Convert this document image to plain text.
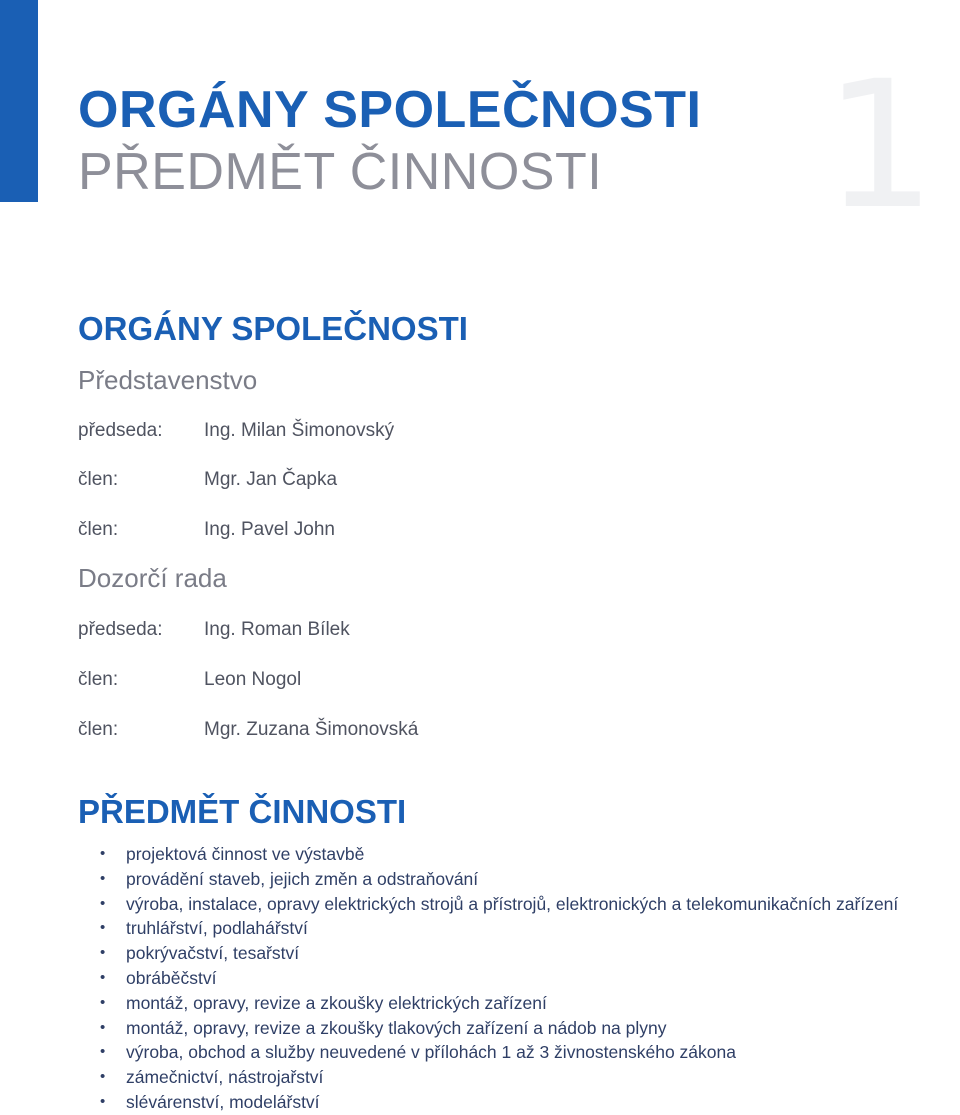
1
ORGÁNY SPOLEČNOSTI
PŘEDMĚT ČINNOSTI
ORGÁNY SPOLEČNOSTI
Představenstvo
předseda: Ing. Milan Šimonovský
člen:	Mgr. Jan Čapka
člen:	Ing. Pavel John
Dozorčí rada
předseda: Ing. Roman Bílek
člen:	Leon Nogol
člen:	Mgr. Zuzana Šimonovská
PŘEDMĚT ČINNOSTI
• projektová činnost ve výstavbě
• provádění staveb, jejich změn a odstraňování
• výroba, instalace, opravy elektrických strojů a přístrojů, elektronických a telekomunikačních zařízení
• truhlářství, podlahářství
• pokrývačství, tesařství
• obráběčství
• montáž, opravy, revize a zkoušky elektrických zařízení
• montáž, opravy, revize a zkoušky tlakových zařízení a nádob na plyny
• výroba, obchod a služby neuvedené v přílohách 1 až 3 živnostenského zákona
• zámečnictví, nástrojařství
• slévárenství, modelářství
